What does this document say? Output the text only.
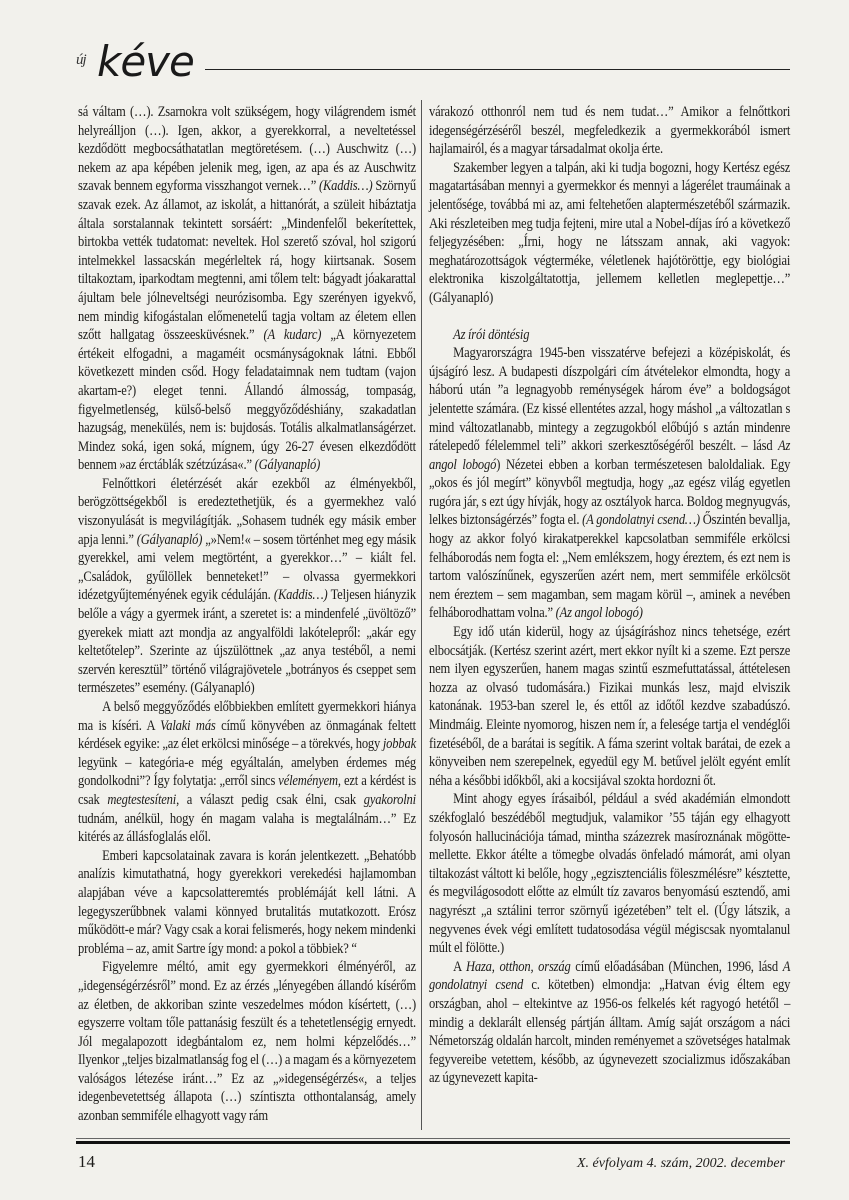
új kéve

sá váltam (…). Zsarnokra volt szükségem, hogy világrendem ismét helyreálljon (…). Igen, akkor, a gyerekkorral, a neveltetéssel kezdődött megbocsáthatatlan megtöretésem. (…) Auschwitz (…) nekem az apa képében jelenik meg, igen, az apa és az Auschwitz szavak bennem egyforma visszhangot vernek…” (Kaddis…) Szörnyű szavak ezek. Az államot, az iskolát, a hittanórát, a szüleit hibáztatja általa sorstalannak tekintett sorsáért: „Mindenfelől bekerítettek, birtokba vették tudatomat: neveltek. Hol szerető szóval, hol szigorú intelmekkel lassacskán megérleltek rá, hogy kiirtsanak. Sosem tiltakoztam, iparkodtam megtenni, ami tőlem telt: bágyadt jóakarattal ájultam bele jólneveltségi neurózisomba. Egy szerényen igyekvő, nem mindig kifogástalan előmenetelű tagja voltam az életem ellen szőtt hallgatag összeesküvésnek.” (A kudarc) „A környezetem értékeit elfogadni, a magaméit ocsmányságoknak látni. Ebből következett minden csőd. Hogy feladataimnak nem tudtam (vajon akartam-e?) eleget tenni. Állandó álmosság, tompaság, figyelmetlenség, külső-belső meggyőződéshiány, szakadatlan hazugság, menekülés, nem is: bujdosás. Totális alkalmatlanságérzet. Mindez soká, igen soká, mígnem, úgy 26-27 évesen elkezdődött bennem »az érctáblák szétzúzása«.” (Gályanapló)

Felnőttkori életérzését akár ezekből az élményekből, berögzöttségekből is eredeztethetjük, és a gyermekhez való viszonyulását is megvilágítják. „Sohasem tudnék egy másik ember apja lenni.” (Gályanapló) „»Nem!« – sosem történhet meg egy másik gyerekkel, ami velem megtörtént, a gyerekkor…” – kiált fel. „Családok, gyűlöllek benneteket!” – olvassa gyermekkori idézetgyűjteményének egyik céduláján. (Kaddis…) Teljesen hiányzik belőle a vágy a gyermek iránt, a szeretet is: a mindenfelé „üvöltöző” gyerekek miatt azt mondja az angyalföldi lakótelepről: „akár egy keltetőtelep”. Szerinte az újszülöttnek „az anya testéből, a nemi szervén keresztül” történő világrajövetele „botrányos és cseppet sem természetes” esemény. (Gályanapló)

A belső meggyőződés előbbiekben említett gyermekkori hiánya ma is kíséri. A Valaki más című könyvében az önmagának feltett kérdések egyike: „az élet erkölcsi minősége – a törekvés, hogy jobbak legyünk – kategória-e még egyáltalán, amelyben érdemes még gondolkodni”? Így folytatja: „erről sincs véleményem, ezt a kérdést is csak megtestesíteni, a választ pedig csak élni, csak gyakorolni tudnám, anélkül, hogy én magam valaha is megtalálnám…” Ez kitérés az állásfoglalás elől.

Emberi kapcsolatainak zavara is korán jelentkezett. „Behatóbb analízis kimutathatná, hogy gyerekkori verekedési hajlamomban alapjában véve a kapcsolatteremtés problémáját kell látni. A legegyszerűbbnek valami könnyed brutalitás mutatkozott. Erósz működött-e már? Vagy csak a korai felismerés, hogy nekem mindenki probléma – az, amit Sartre így mond: a pokol a többiek? “

Figyelemre méltó, amit egy gyermekkori élményéről, az „idegenségérzésről” mond. Ez az érzés „lényegében állandó kísérőm az életben, de akkoriban szinte veszedelmes módon kísértett, (…) egyszerre voltam tőle pattanásig feszült és a tehetetlenségig ernyedt. Jól megalapozott idegbántalom ez, nem holmi képzelődés…” Ilyenkor „teljes bizalmatlanság fog el (…) a magam és a környezetem valóságos létezése iránt…” Ez az „»idegenségérzés«, a teljes idegenbevetettség állapota (…) színtiszta otthontalanság, amely azonban semmiféle elhagyott vagy rám

várakozó otthonról nem tud és nem tudat…” Amikor a felnőttkori idegenségérzéséről beszél, megfeledkezik a gyermekkorából ismert hajlamairól, és a magyar társadalmat okolja érte.

Szakember legyen a talpán, aki ki tudja bogozni, hogy Kertész egész magatartásában mennyi a gyermekkor és mennyi a lágerélet traumáinak a jelentősége, továbbá mi az, ami feltehetően alaptermészetéből származik. Aki részleteiben meg tudja fejteni, mire utal a Nobel-díjas író a következő feljegyzésében: „Írni, hogy ne látsszam annak, aki vagyok: meghatározottságok végterméke, véletlenek hajótöröttje, egy biológiai elektronika kiszolgáltatottja, jellemem kelletlen meglepettje…” (Gályanapló)

Az írói döntésig

Magyarországra 1945-ben visszatérve befejezi a középiskolát, és újságíró lesz. A budapesti díszpolgári cím átvételekor elmondta, hogy a háború után ”a legnagyobb reménységek három éve” a boldogságot jelentette számára. (Ez kissé ellentétes azzal, hogy máshol „a változatlan s mind változatlanabb, mintegy a zegzugokból előbújó s aztán mindenre rátelepedő félelemmel teli” akkori szerkesztőségéről beszélt. – lásd Az angol lobogó) Nézetei ebben a korban természetesen baloldaliak. Egy „okos és jól megírt” könyvből megtudja, hogy „az egész világ egyetlen rugóra jár, s ezt úgy hívják, hogy az osztályok harca. Boldog megnyugvás, lelkes biztonságérzés” fogta el. (A gondolatnyi csend…) Őszintén bevallja, hogy az akkor folyó kirakatperekkel kapcsolatban semmiféle erkölcsi felháborodás nem fogta el: „Nem emlékszem, hogy éreztem, és ezt nem is tartom valószínűnek, egyszerűen azért nem, mert semmiféle erkölcsöt nem éreztem – sem magamban, sem magam körül –, aminek a nevében felháborodhattam volna.” (Az angol lobogó)

Egy idő után kiderül, hogy az újságíráshoz nincs tehetsége, ezért elbocsátják. (Kertész szerint azért, mert ekkor nyílt ki a szeme. Ezt persze nem ilyen egyszerűen, hanem magas szintű eszmefuttatással, áttételesen hozza az olvasó tudomására.) Fizikai munkás lesz, majd elviszik katonának. 1953-ban szerel le, és ettől az időtől kezdve szabadúszó. Mindmáig. Eleinte nyomorog, hiszen nem ír, a felesége tartja el vendéglői fizetéséből, de a barátai is segítik. A fáma szerint voltak barátai, de ezek a könyveiben nem szerepelnek, egyedül egy M. betűvel jelölt egyént említ néha a későbbi időkből, aki a kocsijával szokta hordozni őt.

Mint ahogy egyes írásaiból, például a svéd akadémián elmondott székfoglaló beszédéből megtudjuk, valamikor ’55 táján egy elhagyott folyosón hallucinációja támad, mintha százezrek masíroznának mögötte-mellette. Ekkor átélte a tömegbe olvadás önfeladó mámorát, ami olyan tiltakozást váltott ki belőle, hogy „egzisztenciális föleszmélésre” késztette, és megvilágosodott előtte az elmúlt tíz zavaros benyomású esztendő, ami nagyrészt „a sztálini terror szörnyű igézetében” telt el. (Úgy látszik, a negyvenes évek végi említett tudatosodása végül mégiscsak nyomtalanul múlt el fölötte.)

A Haza, otthon, ország című előadásában (München, 1996, lásd A gondolatnyi csend c. kötetben) elmondja: „Hatvan évig éltem egy országban, ahol – eltekintve az 1956-os felkelés két ragyogó hetétől – mindig a deklarált ellenség pártján álltam. Amíg saját országom a náci Németország oldalán harcolt, minden reményemet a szövetséges hatalmak fegyvereibe vetettem, később, az úgynevezett szocializmus időszakában az úgynevezett kapita-

14	X. évfolyam 4. szám, 2002. december
